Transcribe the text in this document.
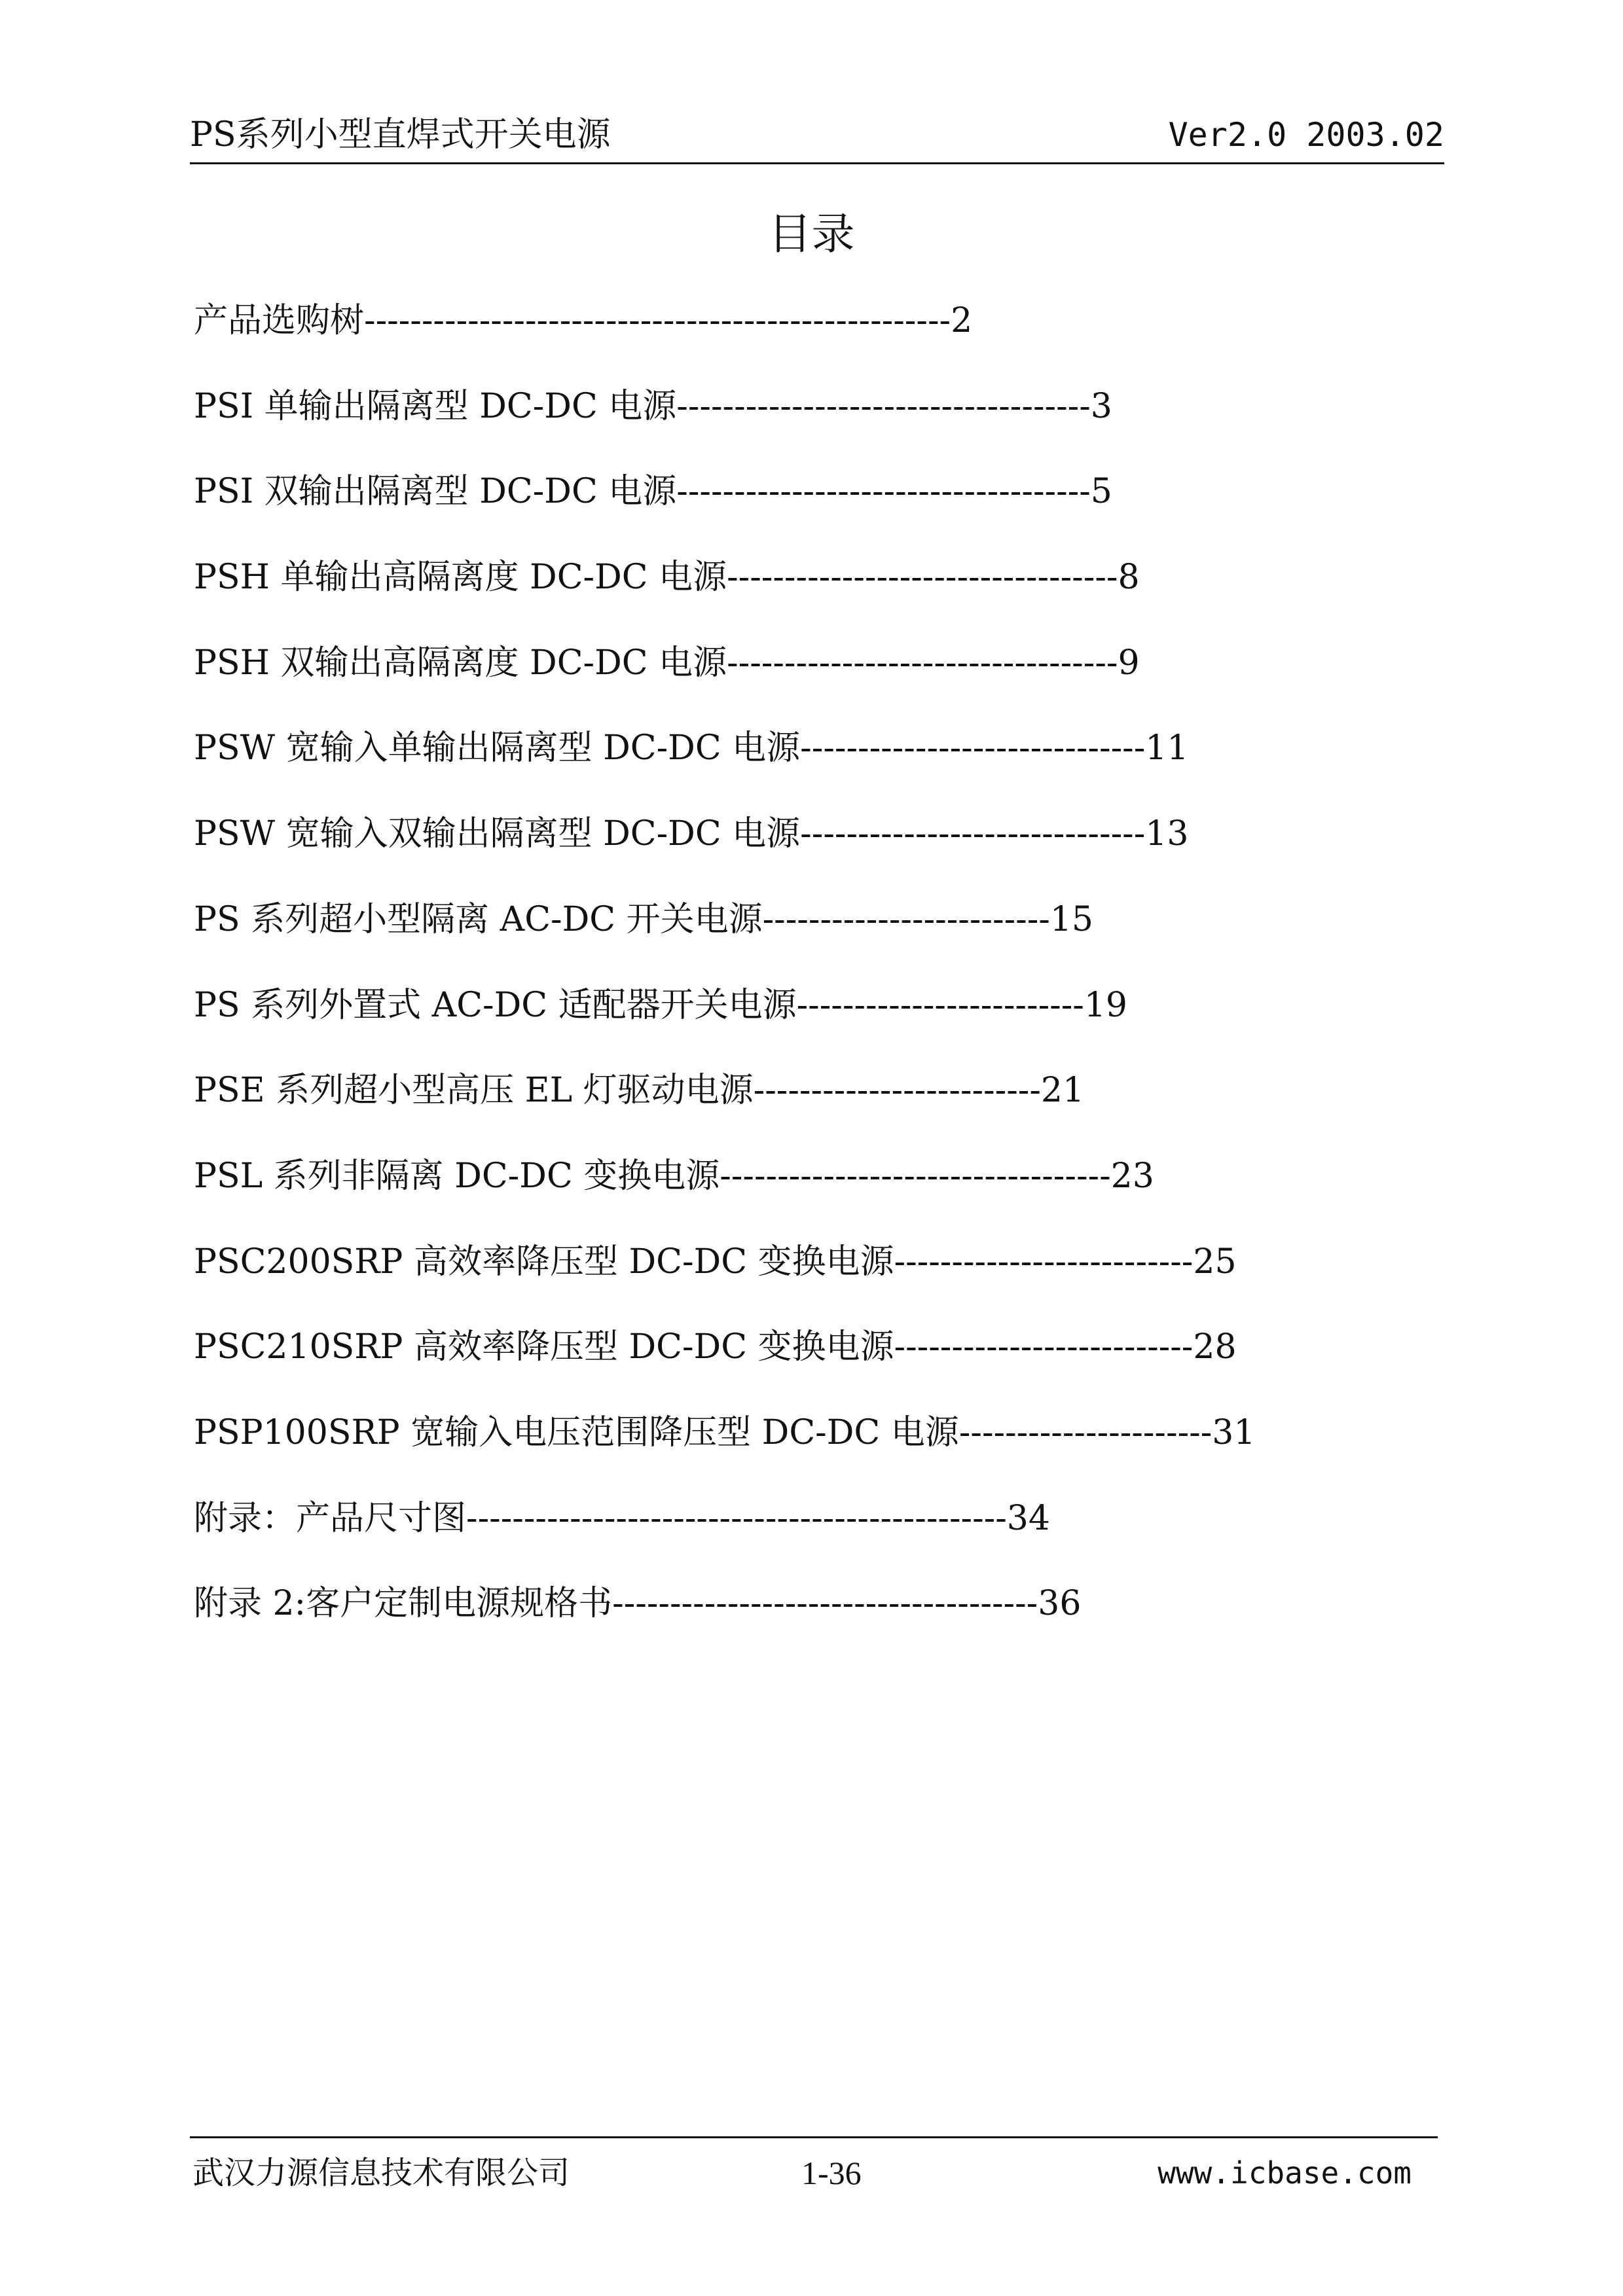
PS系列小型直焊式开关电源	Ver2.0 2003.02
目录
产品选购树---------------------------------------------------2
PSI 单输出隔离型 DC-DC 电源------------------------------------3
PSI 双输出隔离型 DC-DC 电源------------------------------------5
PSH 单输出高隔离度 DC-DC 电源----------------------------------8
PSH 双输出高隔离度 DC-DC 电源----------------------------------9
PSW 宽输入单输出隔离型 DC-DC 电源------------------------------11
PSW 宽输入双输出隔离型 DC-DC 电源------------------------------13
PS 系列超小型隔离 AC-DC 开关电源-------------------------15
PS 系列外置式 AC-DC 适配器开关电源-------------------------19
PSE 系列超小型高压 EL 灯驱动电源-------------------------21
PSL 系列非隔离 DC-DC 变换电源----------------------------------23
PSC200SRP 高效率降压型 DC-DC 变换电源--------------------------25
PSC210SRP 高效率降压型 DC-DC 变换电源--------------------------28
PSP100SRP 宽输入电压范围降压型 DC-DC 电源----------------------31
附录：产品尺寸图-----------------------------------------------34
附录 2:客户定制电源规格书-------------------------------------36
武汉力源信息技术有限公司	1-36	www.icbase.com
